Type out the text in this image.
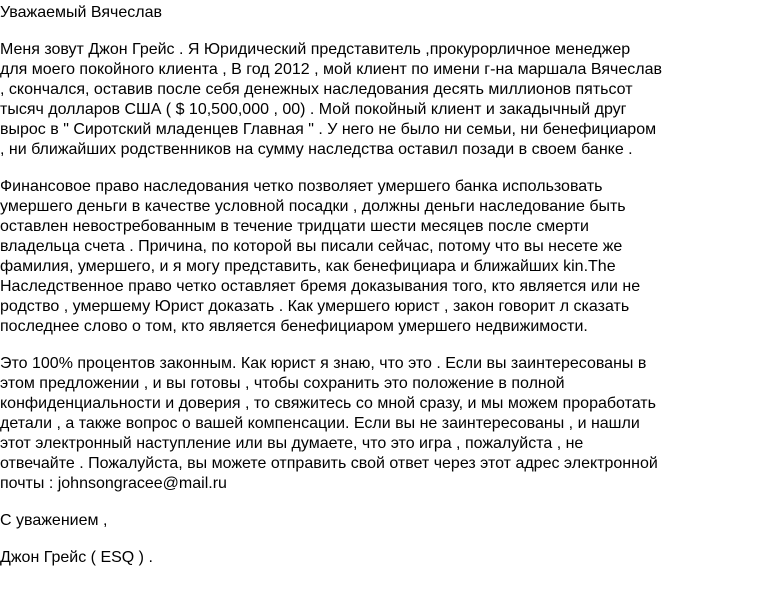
Уважаемый Вячеслав
Меня зовут Джон Грейс . Я Юридический представитель ,прокурорличное менеджер
для моего покойного клиента , В год 2012 , мой клиент по имени г-на маршала Вячеслав
, скончался, оставив после себя денежных наследования десять миллионов пятьсот
тысяч долларов США ( $ 10,500,000 , 00) . Мой покойный клиент и закадычный друг
вырос в " Сиротский младенцев Главная " . У него не было ни семьи, ни бенефициаром
, ни ближайших родственников на сумму наследства оставил позади в своем банке .
Финансовое право наследования четко позволяет умершего банка использовать
умершего деньги в качестве условной посадки , должны деньги наследование быть
оставлен невостребованным в течение тридцати шести месяцев после смерти
владельца счета . Причина, по которой вы писали сейчас, потому что вы несете же
фамилия, умершего, и я могу представить, как бенефициара и ближайших kin.The
Наследственное право четко оставляет бремя доказывания того, кто является или не
родство , умершему Юрист доказать . Как умершего юрист , закон говорит л сказать
последнее слово о том, кто является бенефициаром умершего недвижимости.
Это 100% процентов законным. Как юрист я знаю, что это . Если вы заинтересованы в
этом предложении , и вы готовы , чтобы сохранить это положение в полной
конфиденциальности и доверия , то свяжитесь со мной сразу, и мы можем проработать
детали , а также вопрос о вашей компенсации. Если вы не заинтересованы , и нашли
этот электронный наступление или вы думаете, что это игра , пожалуйста , не
отвечайте . Пожалуйста, вы можете отправить свой ответ через этот адрес электронной
почты : johnsongracee@mail.ru
С уважением ,
Джон Грейс ( ESQ ) .
